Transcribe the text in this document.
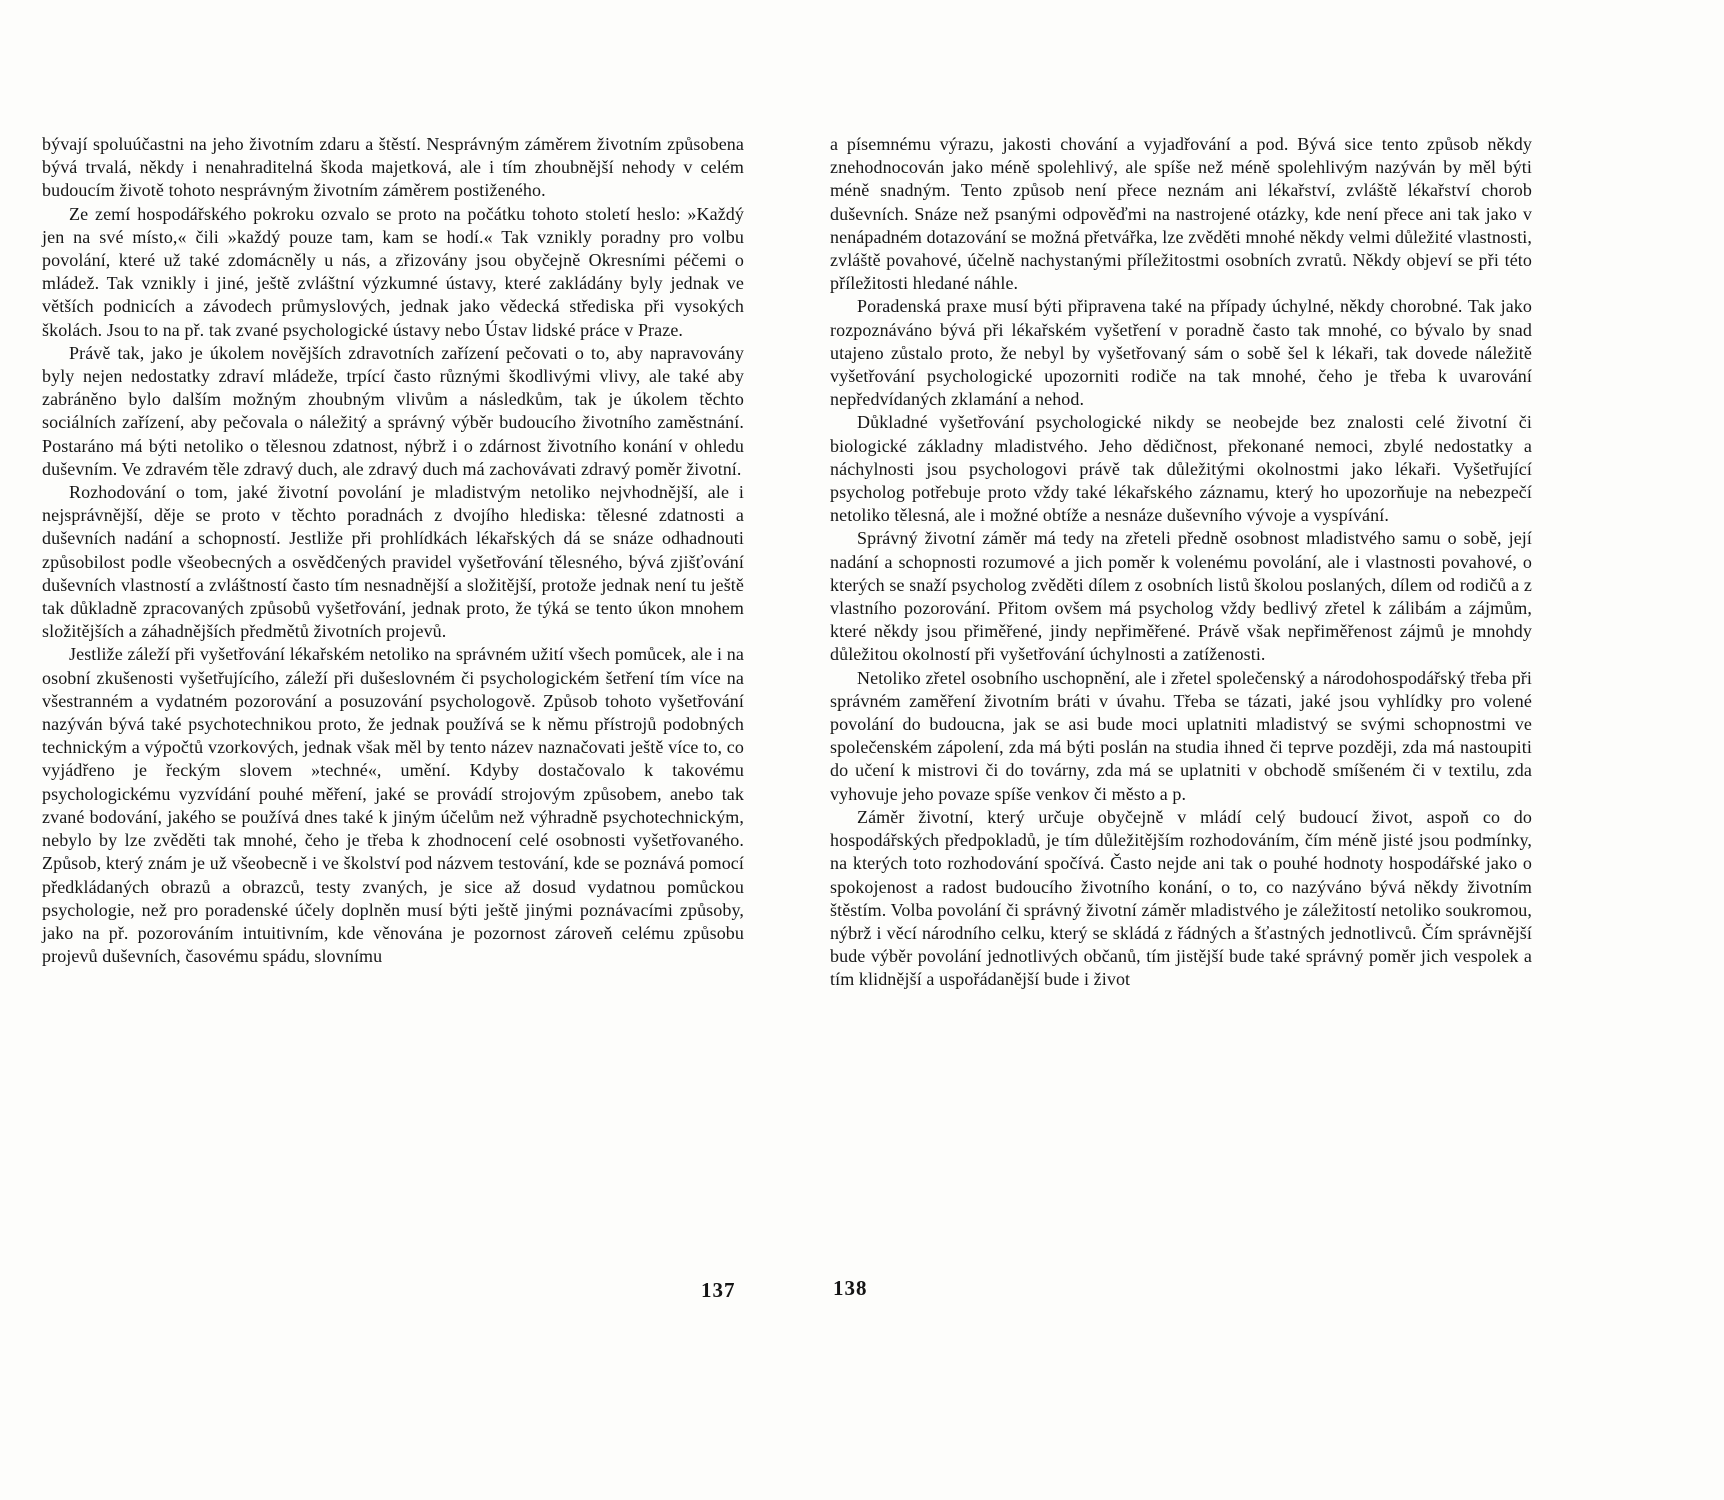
bývají spoluúčastni na jeho životním zdaru a štěstí. Nesprávným záměrem životním způsobena bývá trvalá, někdy i nenahraditelná škoda majetková, ale i tím zhoubnější nehody v celém budoucím životě tohoto nesprávným životním záměrem postiženého.

Ze zemí hospodářského pokroku ozvalo se proto na počátku tohoto století heslo: »Každý jen na své místo,« čili »každý pouze tam, kam se hodí.« Tak vznikly poradny pro volbu povolání, které už také zdomácněly u nás, a zřizovány jsou obyčejně Okresními péčemi o mládež. Tak vznikly i jiné, ještě zvláštní výzkumné ústavy, které zakládány byly jednak ve větších podnicích a závodech průmyslových, jednak jako vědecká střediska při vysokých školách. Jsou to na př. tak zvané psychologické ústavy nebo Ústav lidské práce v Praze.

Právě tak, jako je úkolem novějších zdravotních zařízení pečovati o to, aby napravovány byly nejen nedostatky zdraví mládeže, trpící často různými škodlivými vlivy, ale také aby zabráněno bylo dalším možným zhoubným vlivům a následkům, tak je úkolem těchto sociálních zařízení, aby pečovala o náležitý a správný výběr budoucího životního zaměstnání. Postaráno má býti netoliko o tělesnou zdatnost, nýbrž i o zdárnost životního konání v ohledu duševním. Ve zdravém těle zdravý duch, ale zdravý duch má zachovávati zdravý poměr životní.

Rozhodování o tom, jaké životní povolání je mladistvým netoliko nejvhodnější, ale i nejsprávnější, děje se proto v těchto poradnách z dvojího hlediska: tělesné zdatnosti a duševních nadání a schopností. Jestliže při prohlídkách lékařských dá se snáze odhadnouti způsobilost podle všeobecných a osvědčených pravidel vyšetřování tělesného, bývá zjišťování duševních vlastností a zvláštností často tím nesnadnější a složitější, protože jednak není tu ještě tak důkladně zpracovaných způsobů vyšetřování, jednak proto, že týká se tento úkon mnohem složitějších a záhadnějších předmětů životních projevů.

Jestliže záleží při vyšetřování lékařském netoliko na správném užití všech pomůcek, ale i na osobní zkušenosti vyšetřujícího, záleží při dušeslovném či psychologickém šetření tím více na všestranném a vydatném pozorování a posuzování psychologově. Způsob tohoto vyšetřování nazýván bývá také psychotechnikou proto, že jednak používá se k němu přístrojů podobných technickým a výpočtů vzorkových, jednak však měl by tento název naznačovati ještě více to, co vyjádřeno je řeckým slovem »techné«, umění. Kdyby dostačovalo k takovému psychologickému vyzvídání pouhé měření, jaké se provádí strojovým způsobem, anebo tak zvané bodování, jakého se používá dnes také k jiným účelům než výhradně psychotechnickým, nebylo by lze zvěděti tak mnohé, čeho je třeba k zhodnocení celé osobnosti vyšetřovaného. Způsob, který znám je už všeobecně i ve školství pod názvem testování, kde se poznává pomocí předkládaných obrazů a obrazců, testy zvaných, je sice až dosud vydatnou pomůckou psychologie, než pro poradenské účely doplněn musí býti ještě jinými poznávacími způsoby, jako na př. pozorováním intuitivním, kde věnována je pozornost zároveň celému způsobu projevů duševních, časovému spádu, slovnímu

a písemnému výrazu, jakosti chování a vyjadřování a pod. Bývá sice tento způsob někdy znehodnocován jako méně spolehlivý, ale spíše než méně spolehlivým nazýván by měl býti méně snadným. Tento způsob není přece neznám ani lékařství, zvláště lékařství chorob duševních. Snáze než psanými odpověďmi na nastrojené otázky, kde není přece ani tak jako v nenápadném dotazování se možná přetvářka, lze zvěděti mnohé někdy velmi důležité vlastnosti, zvláště povahové, účelně nachystanými příležitostmi osobních zvratů. Někdy objeví se při této příležitosti hledané náhle.

Poradenská praxe musí býti připravena také na případy úchylné, někdy chorobné. Tak jako rozpoznáváno bývá při lékařském vyšetření v poradně často tak mnohé, co bývalo by snad utajeno zůstalo proto, že nebyl by vyšetřovaný sám o sobě šel k lékaři, tak dovede náležitě vyšetřování psychologické upozorniti rodiče na tak mnohé, čeho je třeba k uvarování nepředvídaných zklamání a nehod.

Důkladné vyšetřování psychologické nikdy se neobejde bez znalosti celé životní či biologické základny mladistvého. Jeho dědičnost, překonané nemoci, zbylé nedostatky a náchylnosti jsou psychologovi právě tak důležitými okolnostmi jako lékaři. Vyšetřující psycholog potřebuje proto vždy také lékařského záznamu, který ho upozorňuje na nebezpečí netoliko tělesná, ale i možné obtíže a nesnáze duševního vývoje a vyspívání.

Správný životní záměr má tedy na zřeteli předně osobnost mladistvého samu o sobě, její nadání a schopnosti rozumové a jich poměr k volenému povolání, ale i vlastnosti povahové, o kterých se snaží psycholog zvěděti dílem z osobních listů školou poslaných, dílem od rodičů a z vlastního pozorování. Přitom ovšem má psycholog vždy bedlivý zřetel k zálibám a zájmům, které někdy jsou přiměřené, jindy nepřiměřené. Právě však nepřiměřenost zájmů je mnohdy důležitou okolností při vyšetřování úchylnosti a zatíženosti.

Netoliko zřetel osobního uschopnění, ale i zřetel společenský a národohospodářský třeba při správném zaměření životním bráti v úvahu. Třeba se tázati, jaké jsou vyhlídky pro volené povolání do budoucna, jak se asi bude moci uplatniti mladistvý se svými schopnostmi ve společenském zápolení, zda má býti poslán na studia ihned či teprve později, zda má nastoupiti do učení k mistrovi či do továrny, zda má se uplatniti v obchodě smíšeném či v textilu, zda vyhovuje jeho povaze spíše venkov či město a p.

Záměr životní, který určuje obyčejně v mládí celý budoucí život, aspoň co do hospodářských předpokladů, je tím důležitějším rozhodováním, čím méně jisté jsou podmínky, na kterých toto rozhodování spočívá. Často nejde ani tak o pouhé hodnoty hospodářské jako o spokojenost a radost budoucího životního konání, o to, co nazýváno bývá někdy životním štěstím. Volba povolání či správný životní záměr mladistvého je záležitostí netoliko soukromou, nýbrž i věcí národního celku, který se skládá z řádných a šťastných jednotlivců. Čím správnější bude výběr povolání jednotlivých občanů, tím jistější bude také správný poměr jich vespolek a tím klidnější a uspořádanější bude i život

137	138
